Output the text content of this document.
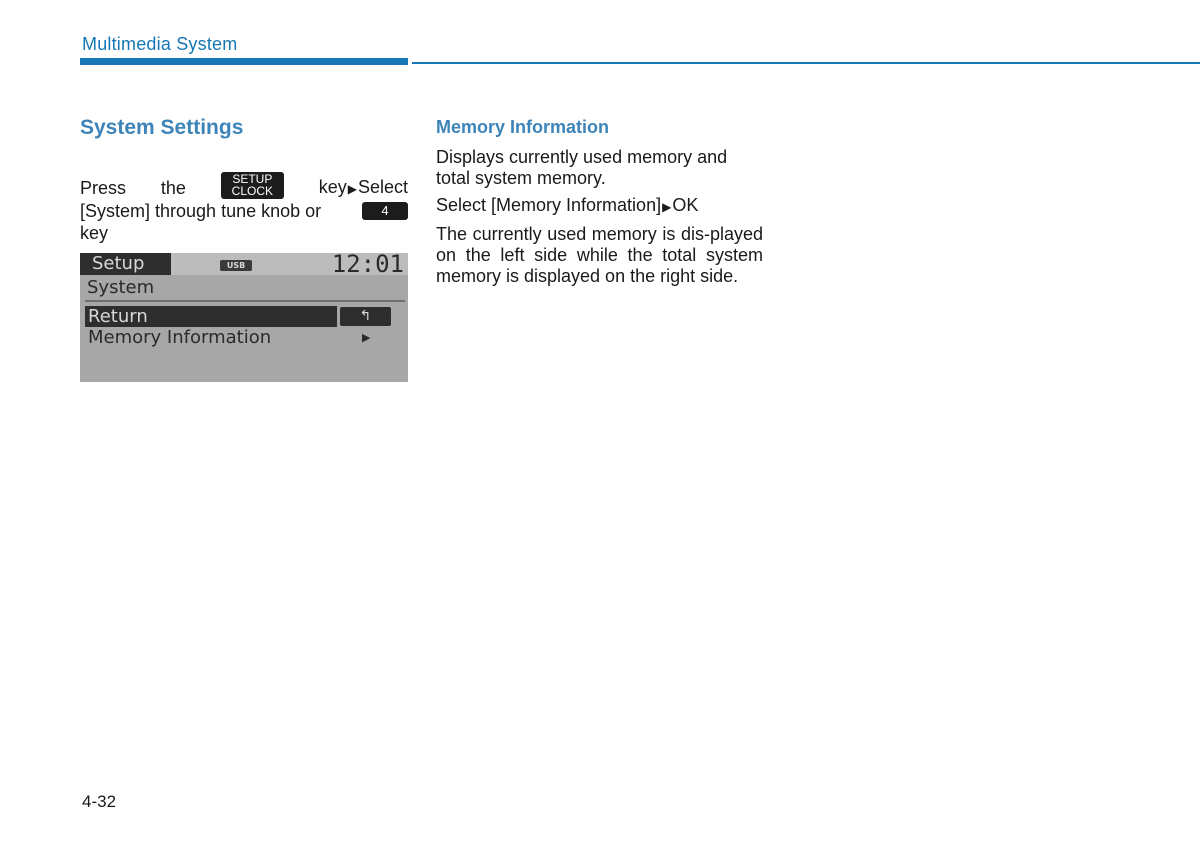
Multimedia System
System Settings
Press the	SETUP
CLOCK	key▶Select
[System] through tune knob or	4
key
Setup	USB	12:01
System
Return	↰
Memory Information	▶
Memory Information

Displays currently used memory and total system memory.

Select [Memory Information]▶OK

The currently used memory is dis-played on the left side while the total system memory is displayed on the right side.

4-32
